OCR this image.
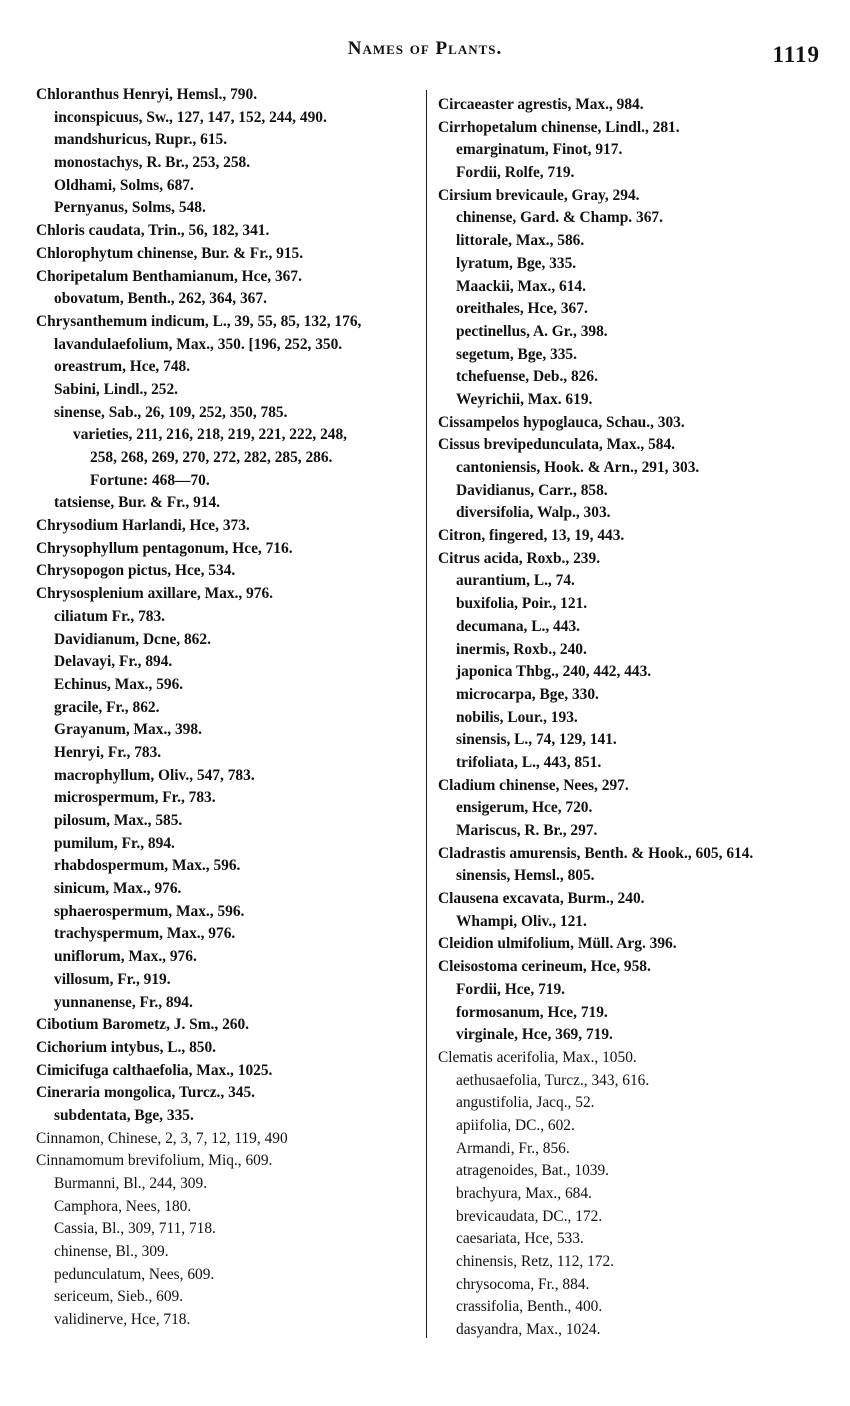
Names of Plants.	1119
Chloranthus Henryi, Hemsl., 790.
inconspicuus, Sw., 127, 147, 152, 244, 490.
mandshuricus, Rupr., 615.
monostachys, R. Br., 253, 258.
Oldhami, Solms, 687.
Pernyanus, Solms, 548.
Chloris caudata, Trin., 56, 182, 341.
Chlorophytum chinense, Bur. & Fr., 915.
Choripetalum Benthamianum, Hce, 367.
obovatum, Benth., 262, 364, 367.
Chrysanthemum indicum, L., 39, 55, 85, 132, 176,
lavandulaefolium, Max., 350. [196, 252, 350.
oreastrum, Hce, 748.
Sabini, Lindl., 252.
sinense, Sab., 26, 109, 252, 350, 785.
varieties, 211, 216, 218, 219, 221, 222, 248,
258, 268, 269, 270, 272, 282, 285, 286.
Fortune: 468—70.
tatsiense, Bur. & Fr., 914.
Chrysodium Harlandi, Hce, 373.
Chrysophyllum pentagonum, Hce, 716.
Chrysopogon pictus, Hce, 534.
Chrysosplenium axillare, Max., 976.
ciliatum Fr., 783.
Davidianum, Dcne, 862.
Delavayi, Fr., 894.
Echinus, Max., 596.
gracile, Fr., 862.
Grayanum, Max., 398.
Henryi, Fr., 783.
macrophyllum, Oliv., 547, 783.
microspermum, Fr., 783.
pilosum, Max., 585.
pumilum, Fr., 894.
rhabdospermum, Max., 596.
sinicum, Max., 976.
sphaerospermum, Max., 596.
trachyspermum, Max., 976.
uniflorum, Max., 976.
villosum, Fr., 919.
yunnanense, Fr., 894.
Cibotium Barometz, J. Sm., 260.
Cichorium intybus, L., 850.
Cimicifuga calthaefolia, Max., 1025.
Cineraria mongolica, Turcz., 345.
subdentata, Bge, 335.
Cinnamon, Chinese, 2, 3, 7, 12, 119, 490
Cinnamomum brevifolium, Miq., 609.
Burmanni, Bl., 244, 309.
Camphora, Nees, 180.
Cassia, Bl., 309, 711, 718.
chinense, Bl., 309.
pedunculatum, Nees, 609.
sericeum, Sieb., 609.
validinerve, Hce, 718.
Circaeaster agrestis, Max., 984.
Cirrhopetalum chinense, Lindl., 281.
emarginatum, Finot, 917.
Fordii, Rolfe, 719.
Cirsium brevicaule, Gray, 294.
chinense, Gard. & Champ. 367.
littorale, Max., 586.
lyratum, Bge, 335.
Maackii, Max., 614.
oreithales, Hce, 367.
pectinellus, A. Gr., 398.
segetum, Bge, 335.
tchefuense, Deb., 826.
Weyrichii, Max. 619.
Cissampelos hypoglauca, Schau., 303.
Cissus brevipedunculata, Max., 584.
cantoniensis, Hook. & Arn., 291, 303.
Davidianus, Carr., 858.
diversifolia, Walp., 303.
Citron, fingered, 13, 19, 443.
Citrus acida, Roxb., 239.
aurantium, L., 74.
buxifolia, Poir., 121.
decumana, L., 443.
inermis, Roxb., 240.
japonica Thbg., 240, 442, 443.
microcarpa, Bge, 330.
nobilis, Lour., 193.
sinensis, L., 74, 129, 141.
trifoliata, L., 443, 851.
Cladium chinense, Nees, 297.
ensigerum, Hce, 720.
Mariscus, R. Br., 297.
Cladrastis amurensis, Benth. & Hook., 605, 614.
sinensis, Hemsl., 805.
Clausena excavata, Burm., 240.
Whampi, Oliv., 121.
Cleidion ulmifolium, Müll. Arg. 396.
Cleisostoma cerineum, Hce, 958.
Fordii, Hce, 719.
formosanum, Hce, 719.
virginale, Hce, 369, 719.
Clematis acerifolia, Max., 1050.
aethusaefolia, Turcz., 343, 616.
angustifolia, Jacq., 52.
apiifolia, DC., 602.
Armandi, Fr., 856.
atragenoides, Bat., 1039.
brachyura, Max., 684.
brevicaudata, DC., 172.
caesariata, Hce, 533.
chinensis, Retz, 112, 172.
chrysocoma, Fr., 884.
crassifolia, Benth., 400.
dasyandra, Max., 1024.
